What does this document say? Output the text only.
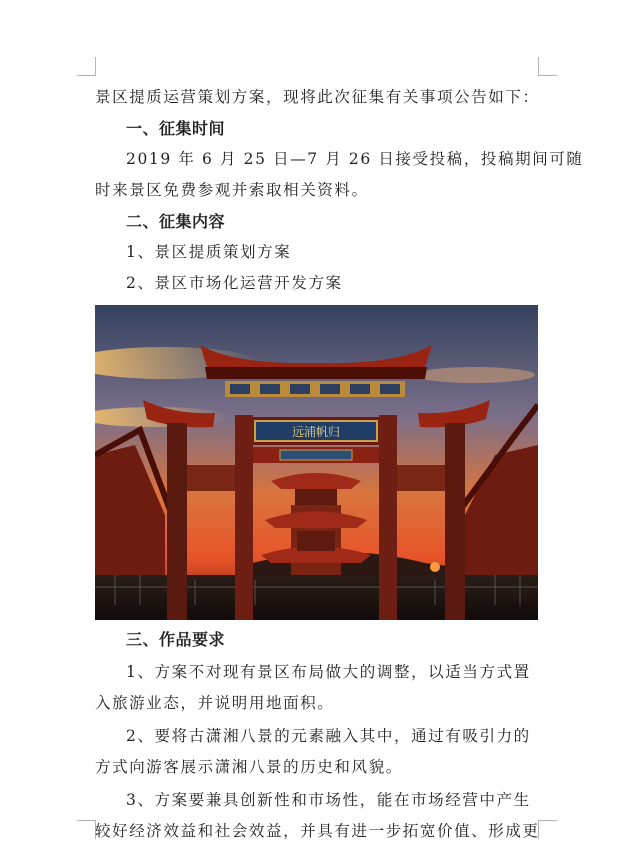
景区提质运营策划方案，现将此次征集有关事项公告如下：

一、征集时间

2019 年 6 月 25 日—7 月 26 日接受投稿，投稿期间可随

时来景区免费参观并索取相关资料。

二、征集内容

1、景区提质策划方案

2、景区市场化运营开发方案

远浦帆归

三、作品要求

1、方案不对现有景区布局做大的调整，以适当方式置

入旅游业态，并说明用地面积。

2、要将古潇湘八景的元素融入其中，通过有吸引力的

方式向游客展示潇湘八景的历史和风貌。

3、方案要兼具创新性和市场性，能在市场经营中产生

较好经济效益和社会效益，并具有进一步拓宽价值、形成更
